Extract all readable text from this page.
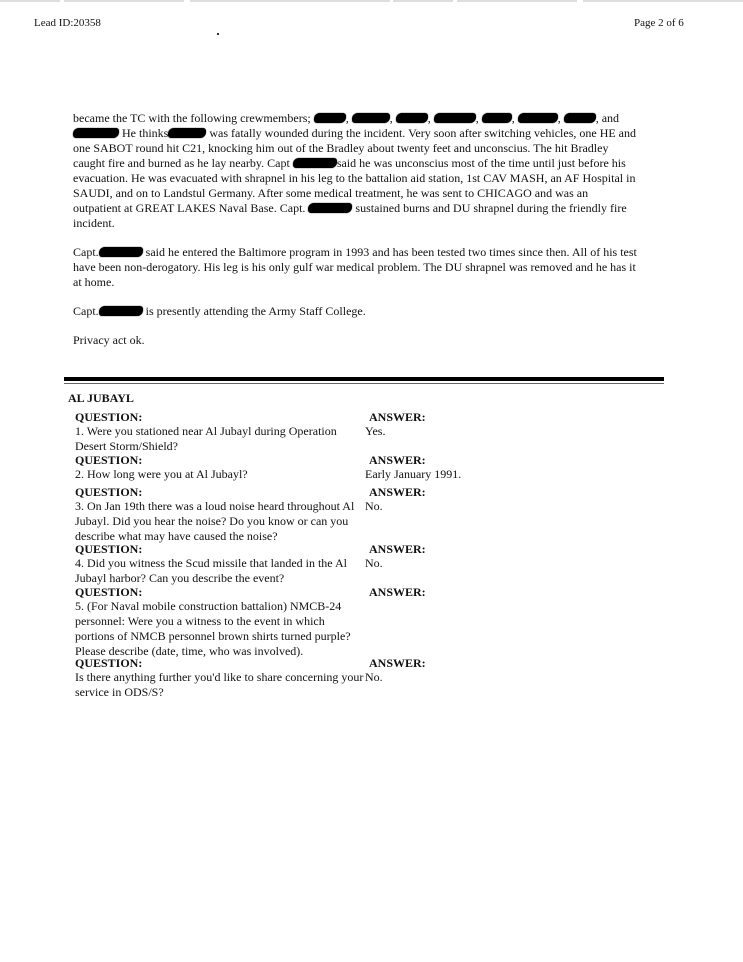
Lead ID:20358	Page 2 of 6

became the TC with the following crewmembers;	,	,	,	,	,	,	, and  He thinks	was fatally wounded during the incident. Very soon after switching vehicles, one HE and one SABOT round hit C21, knocking him out of the Bradley about twenty feet and unconscius. The hit Bradley caught fire and burned as he lay nearby. Capt	said he was unconscius most of the time until just before his evacuation. He was evacuated with shrapnel in his leg to the battalion aid station, 1st CAV MASH, an AF Hospital in SAUDI, and on to Landstul Germany. After some medical treatment, he was sent to CHICAGO and was an outpatient at GREAT LAKES Naval Base. Capt.	sustained burns and DU shrapnel during the friendly fire incident.

Capt.	said he entered the Baltimore program in 1993 and has been tested two times since then. All of his test have been non-derogatory. His leg is his only gulf war medical problem. The DU shrapnel was removed and he has it at home.

Capt.	is presently attending the Army Staff College.

Privacy act ok.

AL JUBAYL
QUESTION:	ANSWER:
1. Were you stationed near Al Jubayl during Operation Desert Storm/Shield?
Yes.
QUESTION:	ANSWER:
2. How long were you at Al Jubayl?	Early January 1991.
QUESTION:	ANSWER:
3. On Jan 19th there was a loud noise heard throughout Al Jubayl. Did you hear the noise? Do you know or can you describe what may have caused the noise?
No.
QUESTION:	ANSWER:
4. Did you witness the Scud missile that landed in the Al Jubayl harbor? Can you describe the event?
No.
QUESTION:	ANSWER:
5. (For Naval mobile construction battalion) NMCB-24 personnel: Were you a witness to the event in which portions of NMCB personnel brown shirts turned purple? Please describe (date, time, who was involved).
QUESTION:	ANSWER:
Is there anything further you'd like to share concerning your service in ODS/S?
No.
